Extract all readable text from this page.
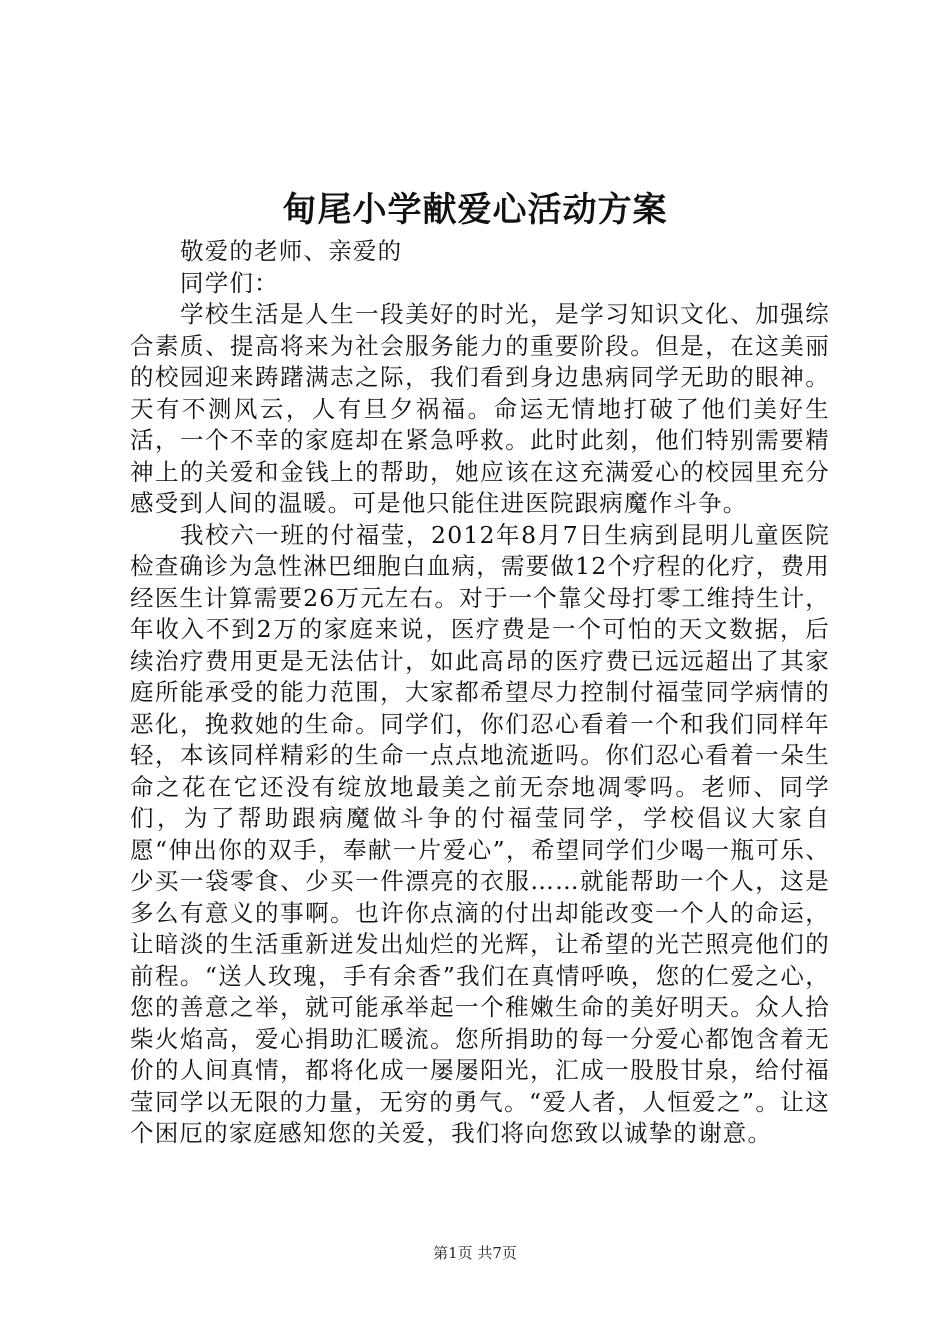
甸尾小学献爱心活动方案

敬爱的老师、亲爱的

同学们：

学校生活是人生一段美好的时光，是学习知识文化、加强综合素质、提高将来为社会服务能力的重要阶段。但是，在这美丽的校园迎来踌躇满志之际，我们看到身边患病同学无助的眼神。天有不测风云，人有旦夕祸福。命运无情地打破了他们美好生活，一个不幸的家庭却在紧急呼救。此时此刻，他们特别需要精神上的关爱和金钱上的帮助，她应该在这充满爱心的校园里充分感受到人间的温暖。可是他只能住进医院跟病魔作斗争。

我校六一班的付福莹，2012年8月7日生病到昆明儿童医院检查确诊为急性淋巴细胞白血病，需要做12个疗程的化疗，费用经医生计算需要26万元左右。对于一个靠父母打零工维持生计，年收入不到2万的家庭来说，医疗费是一个可怕的天文数据，后续治疗费用更是无法估计，如此高昂的医疗费已远远超出了其家庭所能承受的能力范围，大家都希望尽力控制付福莹同学病情的恶化，挽救她的生命。同学们，你们忍心看着一个和我们同样年轻，本该同样精彩的生命一点点地流逝吗。你们忍心看着一朵生命之花在它还没有绽放地最美之前无奈地凋零吗。老师、同学们，为了帮助跟病魔做斗争的付福莹同学，学校倡议大家自愿“伸出你的双手，奉献一片爱心”，希望同学们少喝一瓶可乐、少买一袋零食、少买一件漂亮的衣服……就能帮助一个人，这是多么有意义的事啊。也许你点滴的付出却能改变一个人的命运，让暗淡的生活重新迸发出灿烂的光辉，让希望的光芒照亮他们的前程。“送人玫瑰，手有余香”我们在真情呼唤，您的仁爱之心，您的善意之举，就可能承举起一个稚嫩生命的美好明天。众人拾柴火焰高，爱心捐助汇暖流。您所捐助的每一分爱心都饱含着无价的人间真情，都将化成一屡屡阳光，汇成一股股甘泉，给付福莹同学以无限的力量，无穷的勇气。“爱人者，人恒爱之”。让这个困厄的家庭感知您的关爱，我们将向您致以诚挚的谢意。

第1页 共7页
